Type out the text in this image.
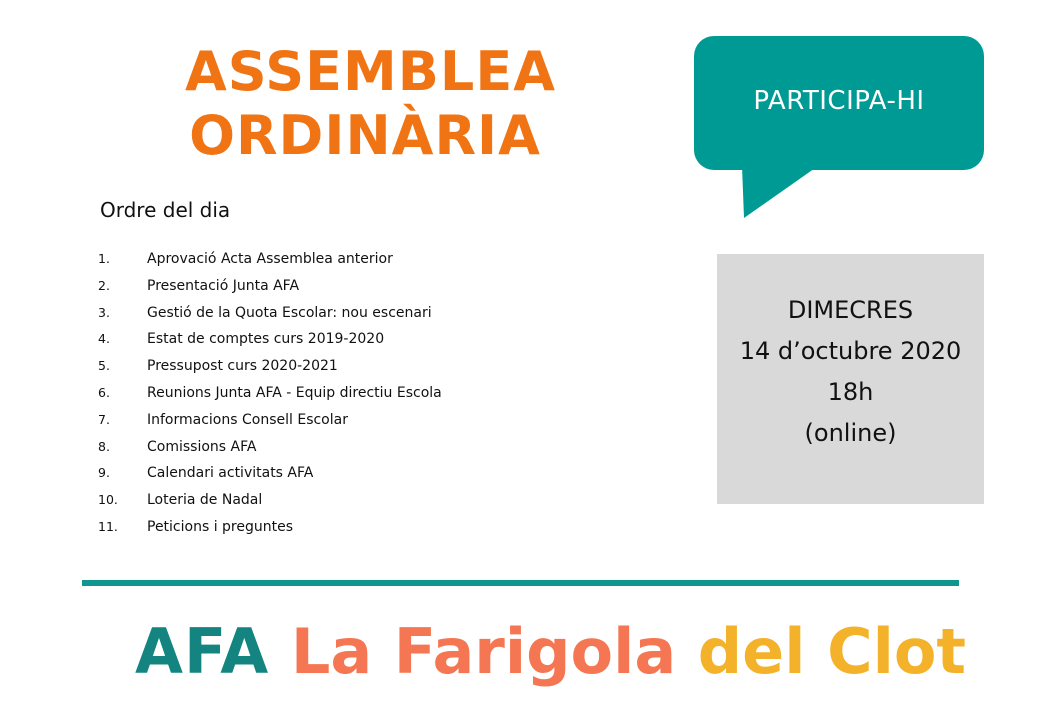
ASSEMBLEA
ORDINÀRIA
Ordre del dia
1.	Aprovació Acta Assemblea anterior
2.	Presentació Junta AFA
3.	Gestió de la Quota Escolar: nou escenari
4.	Estat de comptes curs 2019-2020
5.	Pressupost curs 2020-2021
6.	Reunions Junta AFA - Equip directiu Escola
7.	Informacions Consell Escolar
8.	Comissions AFA
9.	Calendari activitats AFA
10. Loteria de Nadal
11. Peticions i preguntes
PARTICIPA-HI
DIMECRES
14 d’octubre 2020
18h
(online)
AFA La Farigola del Clot
